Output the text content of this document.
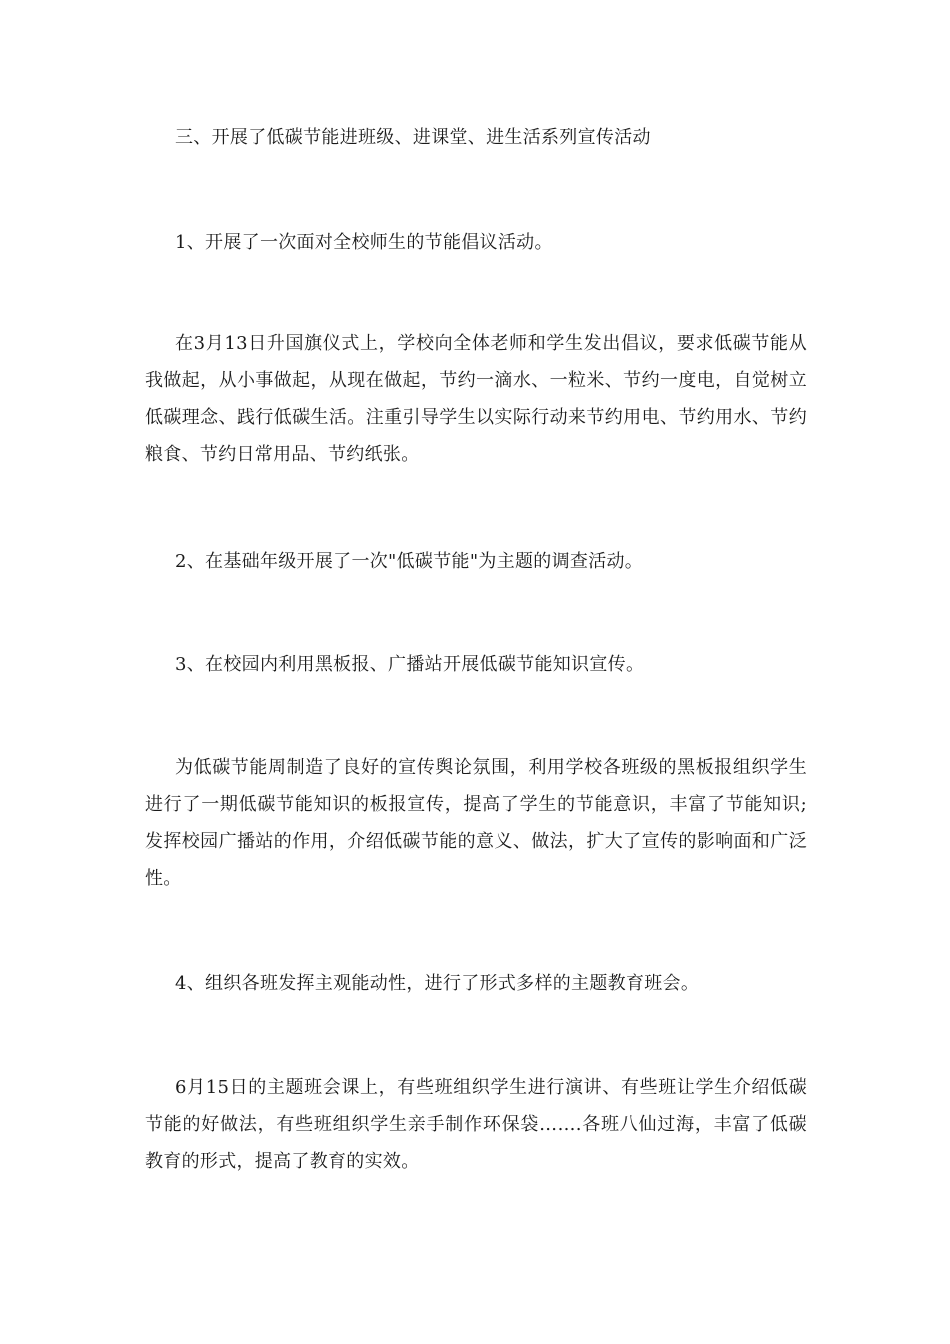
三、开展了低碳节能进班级、进课堂、进生活系列宣传活动

1、开展了一次面对全校师生的节能倡议活动。

在3月13日升国旗仪式上，学校向全体老师和学生发出倡议，要求低碳节能从我做起，从小事做起，从现在做起，节约一滴水、一粒米、节约一度电，自觉树立低碳理念、践行低碳生活。注重引导学生以实际行动来节约用电、节约用水、节约粮食、节约日常用品、节约纸张。

2、在基础年级开展了一次"低碳节能"为主题的调查活动。

3、在校园内利用黑板报、广播站开展低碳节能知识宣传。

为低碳节能周制造了良好的宣传舆论氛围，利用学校各班级的黑板报组织学生进行了一期低碳节能知识的板报宣传，提高了学生的节能意识，丰富了节能知识;发挥校园广播站的作用，介绍低碳节能的意义、做法，扩大了宣传的影响面和广泛性。

4、组织各班发挥主观能动性，进行了形式多样的主题教育班会。

6月15日的主题班会课上，有些班组织学生进行演讲、有些班让学生介绍低碳节能的好做法，有些班组织学生亲手制作环保袋…….各班八仙过海，丰富了低碳教育的形式，提高了教育的实效。
